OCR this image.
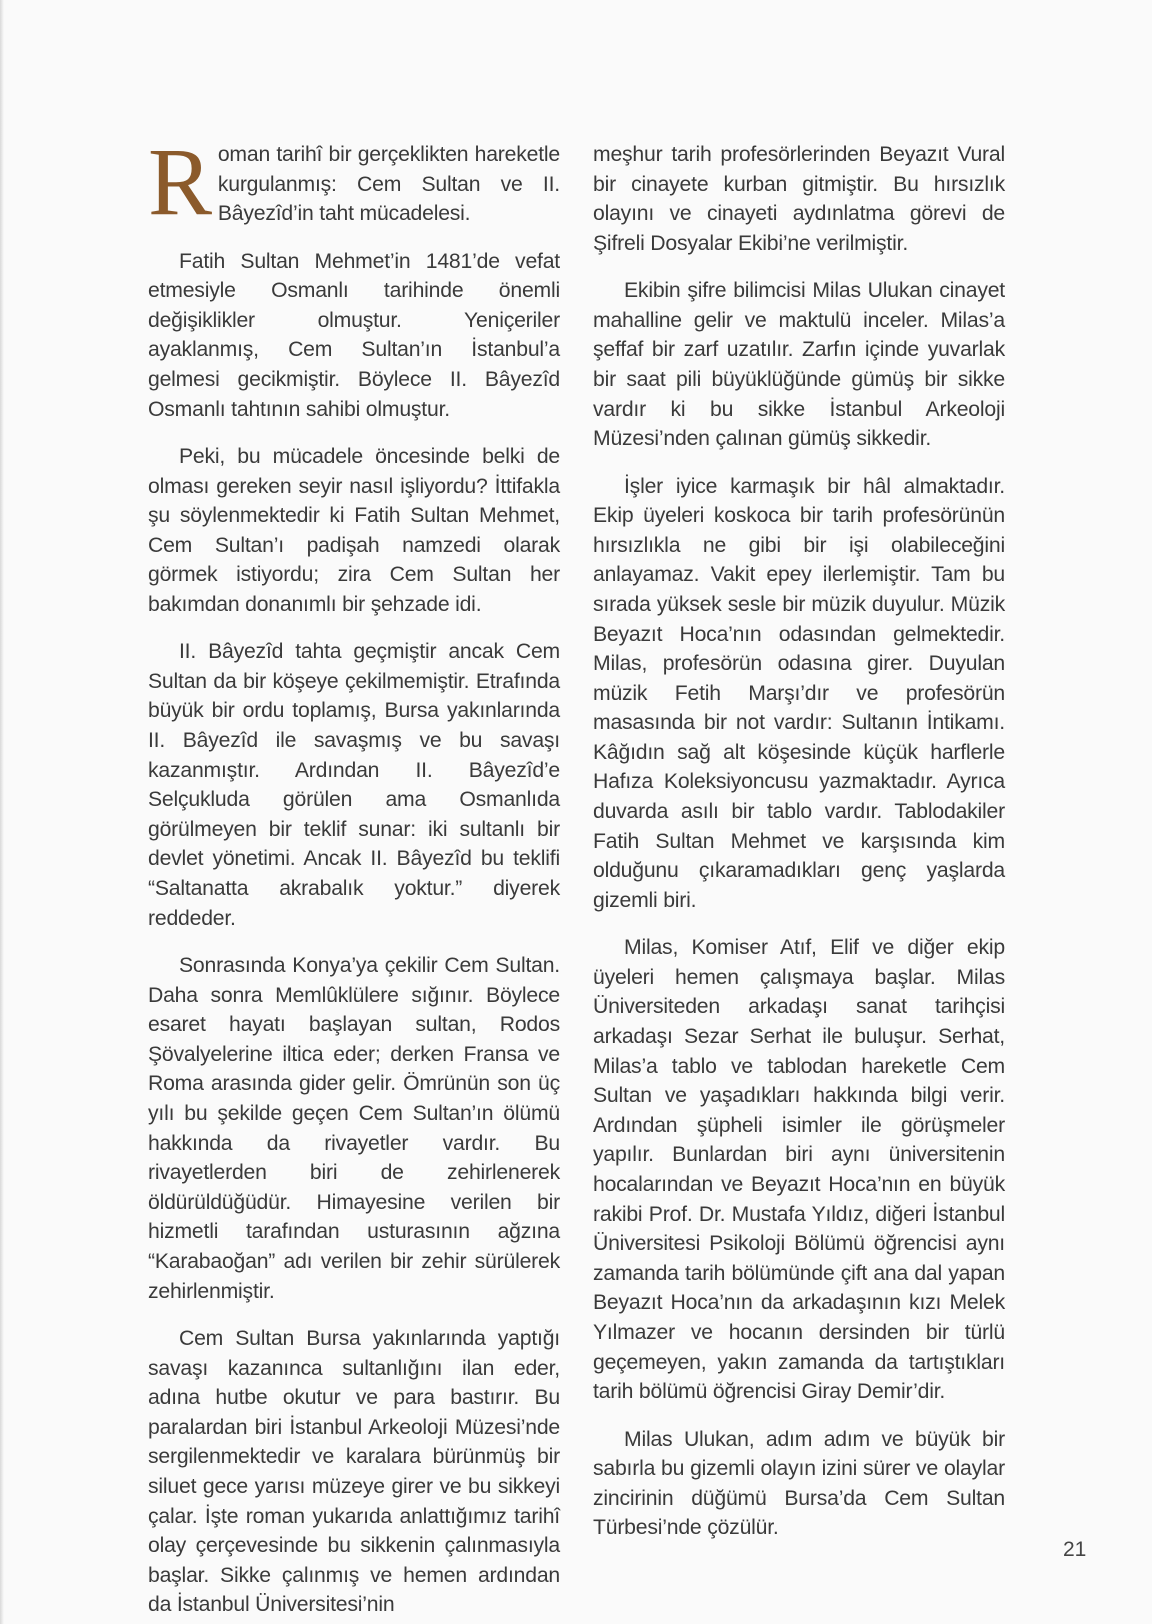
Roman tarihî bir gerçeklikten hareketle kurgulanmış: Cem Sultan ve II. Bâyezîd’in taht mücadelesi.

Fatih Sultan Mehmet’in 1481’de vefat etmesiyle Osmanlı tarihinde önemli değişiklikler olmuştur. Yeniçeriler ayaklanmış, Cem Sultan’ın İstanbul’a gelmesi gecikmiştir. Böylece II. Bâyezîd Osmanlı tahtının sahibi olmuştur.

Peki, bu mücadele öncesinde belki de olması gereken seyir nasıl işliyordu? İttifakla şu söylenmektedir ki Fatih Sultan Mehmet, Cem Sultan’ı padişah namzedi olarak görmek istiyordu; zira Cem Sultan her bakımdan donanımlı bir şehzade idi.

II. Bâyezîd tahta geçmiştir ancak Cem Sultan da bir köşeye çekilmemiştir. Etrafında büyük bir ordu toplamış, Bursa yakınlarında II. Bâyezîd ile savaşmış ve bu savaşı kazanmıştır. Ardından II. Bâyezîd’e Selçukluda görülen ama Osmanlıda görülmeyen bir teklif sunar: iki sultanlı bir devlet yönetimi. Ancak II. Bâyezîd bu teklifi “Saltanatta akrabalık yoktur.” diyerek reddeder.

Sonrasında Konya’ya çekilir Cem Sultan. Daha sonra Memlûklülere sığınır. Böylece esaret hayatı başlayan sultan, Rodos Şövalyelerine iltica eder; derken Fransa ve Roma arasında gider gelir. Ömrünün son üç yılı bu şekilde geçen Cem Sultan’ın ölümü hakkında da rivayetler vardır. Bu rivayetlerden biri de zehirlenerek öldürüldüğüdür. Himayesine verilen bir hizmetli tarafından usturasının ağzına “Karabaoğan” adı verilen bir zehir sürülerek zehirlenmiştir.

Cem Sultan Bursa yakınlarında yaptığı savaşı kazanınca sultanlığını ilan eder, adına hutbe okutur ve para bastırır. Bu paralardan biri İstanbul Arkeoloji Müzesi’nde sergilenmektedir ve karalara bürünmüş bir siluet gece yarısı müzeye girer ve bu sikkeyi çalar. İşte roman yukarıda anlattığımız tarihî olay çerçevesinde bu sikkenin çalınmasıyla başlar. Sikke çalınmış ve hemen ardından da İstanbul Üniversitesi’nin

meşhur tarih profesörlerinden Beyazıt Vural bir cinayete kurban gitmiştir. Bu hırsızlık olayını ve cinayeti aydınlatma görevi de Şifreli Dosyalar Ekibi’ne verilmiştir.

Ekibin şifre bilimcisi Milas Ulukan cinayet mahalline gelir ve maktulü inceler. Milas’a şeffaf bir zarf uzatılır. Zarfın içinde yuvarlak bir saat pili büyüklüğünde gümüş bir sikke vardır ki bu sikke İstanbul Arkeoloji Müzesi’nden çalınan gümüş sikkedir.

İşler iyice karmaşık bir hâl almaktadır. Ekip üyeleri koskoca bir tarih profesörünün hırsızlıkla ne gibi bir işi olabileceğini anlayamaz. Vakit epey ilerlemiştir. Tam bu sırada yüksek sesle bir müzik duyulur. Müzik Beyazıt Hoca’nın odasından gelmektedir. Milas, profesörün odasına girer. Duyulan müzik Fetih Marşı’dır ve profesörün masasında bir not vardır: Sultanın İntikamı. Kâğıdın sağ alt köşesinde küçük harflerle Hafıza Koleksiyoncusu yazmaktadır. Ayrıca duvarda asılı bir tablo vardır. Tablodakiler Fatih Sultan Mehmet ve karşısında kim olduğunu çıkaramadıkları genç yaşlarda gizemli biri.

Milas, Komiser Atıf, Elif ve diğer ekip üyeleri hemen çalışmaya başlar. Milas Üniversiteden arkadaşı sanat tarihçisi arkadaşı Sezar Serhat ile buluşur. Serhat, Milas’a tablo ve tablodan hareketle Cem Sultan ve yaşadıkları hakkında bilgi verir. Ardından şüpheli isimler ile görüşmeler yapılır. Bunlardan biri aynı üniversitenin hocalarından ve Beyazıt Hoca’nın en büyük rakibi Prof. Dr. Mustafa Yıldız, diğeri İstanbul Üniversitesi Psikoloji Bölümü öğrencisi aynı zamanda tarih bölümünde çift ana dal yapan Beyazıt Hoca’nın da arkadaşının kızı Melek Yılmazer ve hocanın dersinden bir türlü geçemeyen, yakın zamanda da tartıştıkları tarih bölümü öğrencisi Giray Demir’dir.

Milas Ulukan, adım adım ve büyük bir sabırla bu gizemli olayın izini sürer ve olaylar zincirinin düğümü Bursa’da Cem Sultan Türbesi’nde çözülür.

21
